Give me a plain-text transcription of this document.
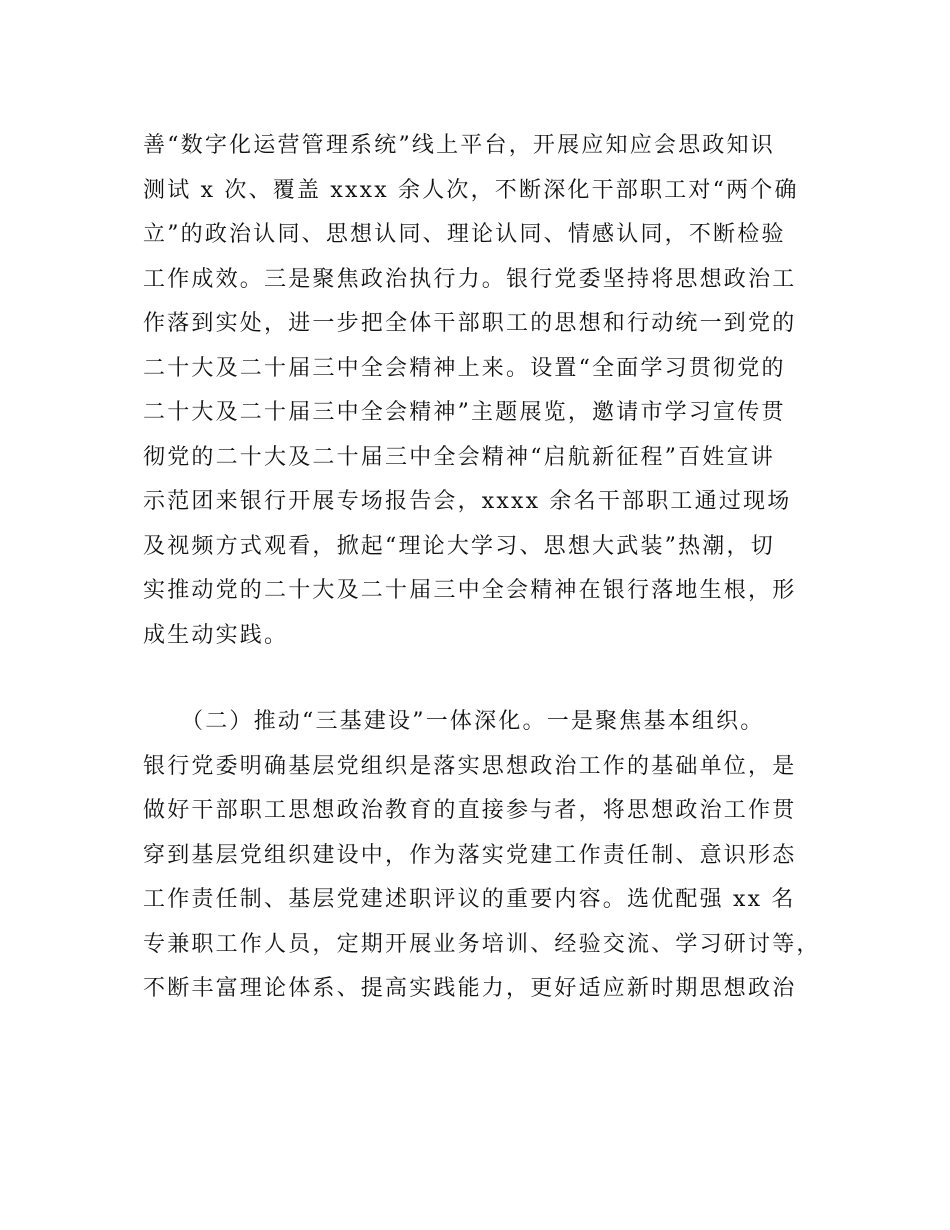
善“数字化运营管理系统”线上平台，开展应知应会思政知识
测试 x 次、覆盖 xxxx 余人次，不断深化干部职工对“两个确
立”的政治认同、思想认同、理论认同、情感认同，不断检验
工作成效。三是聚焦政治执行力。银行党委坚持将思想政治工
作落到实处，进一步把全体干部职工的思想和行动统一到党的
二十大及二十届三中全会精神上来。设置“全面学习贯彻党的
二十大及二十届三中全会精神”主题展览，邀请市学习宣传贯
彻党的二十大及二十届三中全会精神“启航新征程”百姓宣讲
示范团来银行开展专场报告会，xxxx 余名干部职工通过现场
及视频方式观看，掀起“理论大学习、思想大武装”热潮，切
实推动党的二十大及二十届三中全会精神在银行落地生根，形
成生动实践。
（二）推动“三基建设”一体深化。一是聚焦基本组织。
银行党委明确基层党组织是落实思想政治工作的基础单位，是
做好干部职工思想政治教育的直接参与者，将思想政治工作贯
穿到基层党组织建设中，作为落实党建工作责任制、意识形态
工作责任制、基层党建述职评议的重要内容。选优配强 xx 名
专兼职工作人员，定期开展业务培训、经验交流、学习研讨等，
不断丰富理论体系、提高实践能力，更好适应新时期思想政治
